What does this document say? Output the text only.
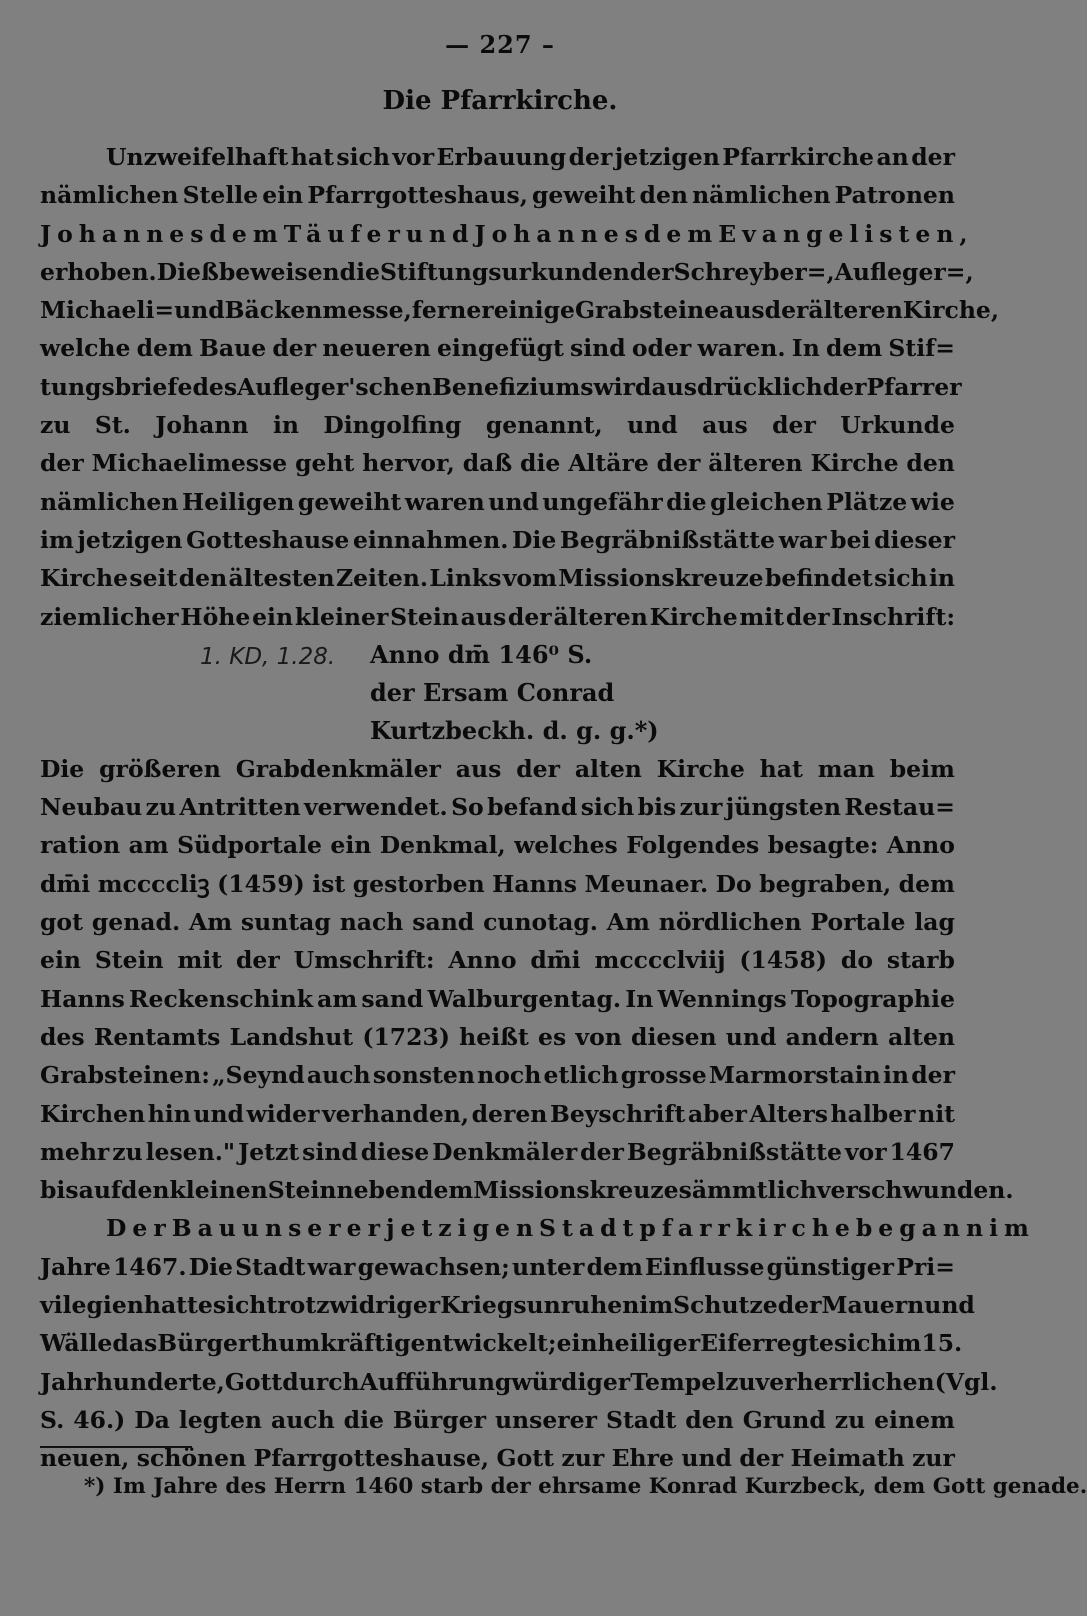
— 227 –
Die Pfarrkirche.
Unzweifelhaft hat sich vor Erbauung der jetzigen Pfarrkirche an der
nämlichen Stelle ein Pfarrgotteshaus, geweiht den nämlichen Patronen
Johannes dem Täufer und Johannes dem Evangelisten,
erhoben. Dieß beweisen die Stiftungsurkunden der Schreyber=, Aufleger=,
Michaeli= und Bäckenmesse, ferner einige Grabsteine aus der älteren Kirche,
welche dem Baue der neueren eingefügt sind oder waren. In dem Stif=
tungsbriefe des Aufleger'schen Benefiziums wird ausdrücklich der Pfarrer
zu St. Johann in Dingolfing genannt, und aus der Urkunde
der Michaelimesse geht hervor, daß die Altäre der älteren Kirche den
nämlichen Heiligen geweiht waren und ungefähr die gleichen Plätze wie
im jetzigen Gotteshause einnahmen. Die Begräbnißstätte war bei dieser
Kirche seit den ältesten Zeiten. Links vom Missionskreuze befindet sich in
ziemlicher Höhe ein kleiner Stein aus der älteren Kirche mit der Inschrift:
1. KD, 1.28. Anno dm̄ 146⁰ S.
der Ersam Conrad
Kurtzbeckh. d. g. g.*)
Die größeren Grabdenkmäler aus der alten Kirche hat man beim
Neubau zu Antritten verwendet. So befand sich bis zur jüngsten Restau=
ration am Südportale ein Denkmal, welches Folgendes besagte: Anno
dm̄i mccccliꝫ (1459) ist gestorben Hanns Meunaer. Do begraben, dem
got genad. Am suntag nach sand cunotag. Am nördlichen Portale lag
ein Stein mit der Umschrift: Anno dm̄i mcccclviij (1458) do starb
Hanns Reckenschink am sand Walburgentag. In Wennings Topographie
des Rentamts Landshut (1723) heißt es von diesen und andern alten
Grabsteinen: „Seynd auch sonsten noch etlich grosse Marmorstain in der
Kirchen hin und wider verhanden, deren Beyschrift aber Alters halber nit
mehr zu lesen." Jetzt sind diese Denkmäler der Begräbnißstätte vor 1467
bis auf den kleinen Stein neben dem Missionskreuze sämmtlich verschwunden.
Der Bau unserer jetzigen Stadtpfarrkirche begann im
Jahre 1467. Die Stadt war gewachsen; unter dem Einflusse günstiger Pri=
vilegien hatte sich trotz widriger Kriegsunruhen im Schutze der Mauern und
Wälle das Bürgerthum kräftig entwickelt; ein heiliger Eifer regte sich im 15.
Jahrhunderte, Gott durch Aufführung würdiger Tempel zu verherrlichen (Vgl.
S. 46.) Da legten auch die Bürger unserer Stadt den Grund zu einem
neuen, schönen Pfarrgotteshause, Gott zur Ehre und der Heimath zur
*) Im Jahre des Herrn 1460 starb der ehrsame Konrad Kurzbeck, dem Gott genade.
